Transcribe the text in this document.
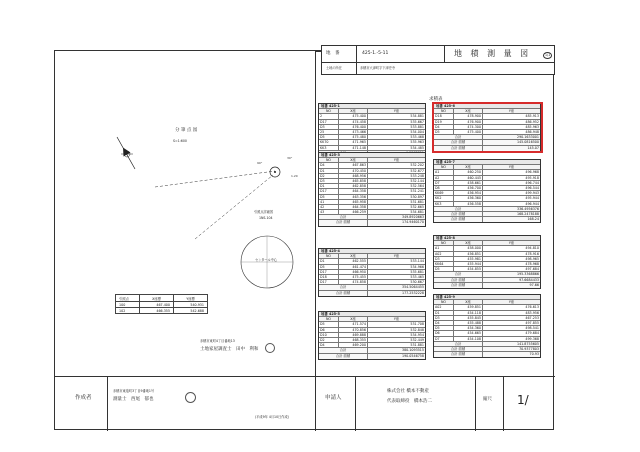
地　番	425-1.-5-11	地 積 測 量 図	1/1
土地の所在	赤穂市大津町字下津史寺
分 筆 点 図
S=1:600
30°
1.20
90°
引照点詳細図
1NS.104
センタール中心
引照点	X座標	Y座標
100	467.400	540.931
102	466.355	542.688
赤穂市東町4丁目番地13
土地家屋調査士　田中　利和
求積表
作成者
赤穂市東塩町3丁目9番地1号
測量士　西尾　郁也
(平成9年 4月10日作成)
申請人
株式会社 橋本不動産
代表取締役　橋本浩二	縮尺 1/
地番 425-1
NO	X座	Y座
2	475.400	534.881
D17	474.458	535.667
D3	476.400	533.881
25	473.466	534.004
D5	475.480	533.468
KK70	471.965	535.963
KK3	471.148	534.485
地番 425-3
NO	X座	Y座
D4	467.863	532.202
D1	470.450	532.677
D2	468.956	533.248
D3	465.858	532.144
D1	462.858	532.564
D17	464.358	531.241
D5	463.356	530.897
41	465.958	531.681
42	464.358	532.665
43	466.259	534.681
合計	349.8920663
合計 面積	174.9460170
地番 425-4
NO	X座	Y座
D1	462.555	533.144
D5	461.474	534.966
D17	466.950	535.681
D18	475.455	533.465
D17	474.858	530.667
合計	354.5064455
合計 面積	177.2532228
地番 425-5
NO	X座	Y座
D5	471.574	531.708
D6	470.856	532.848
D10	469.888	534.954
D2	468.355	532.449
D4	469.200	531.881
合計	380.1093515
合計 面積	190.0546758
地番 425-6
NO	X座	Y座
D18	478.900	485.913
D19	476.900	486.952
D4	474.300	485.963
D5	475.400	486.948
合計	290.1633001
合計 面積	145.0816500
合計 面積	145.07
地番 425-7
NO	X座	Y座
A1	460.250	496.968
A2	460.445	495.918
D7	458.661	496.744
D8	456.700	496.544
KK69	456.954	499.943
KK2	456.360	495.944
KK3	456.558	496.944
合計	336.4956376
合計 面積	168.2478188
合計 面積	168.24
地番 425-8
NO	X座	Y座
A1	458.000	494.810
A02	456.851	478.916
D3	455.981	498.965
KK64	455.944	478.968
D5	454.855	497.684
合計	195.3368866
合計 面積	97.6684433
合計 面積	97.66
地番 425-9
NO	X座	Y座
A02	459.851	476.613
D1	454.118	483.956
D3	455.845	467.253
D4	455.488	497.855
D5	454.360	498.541
D6	454.665	479.684
D7	454.108	499.368
合計	141.8755605
合計 面積	70.9377803
合計 面積	70.93
